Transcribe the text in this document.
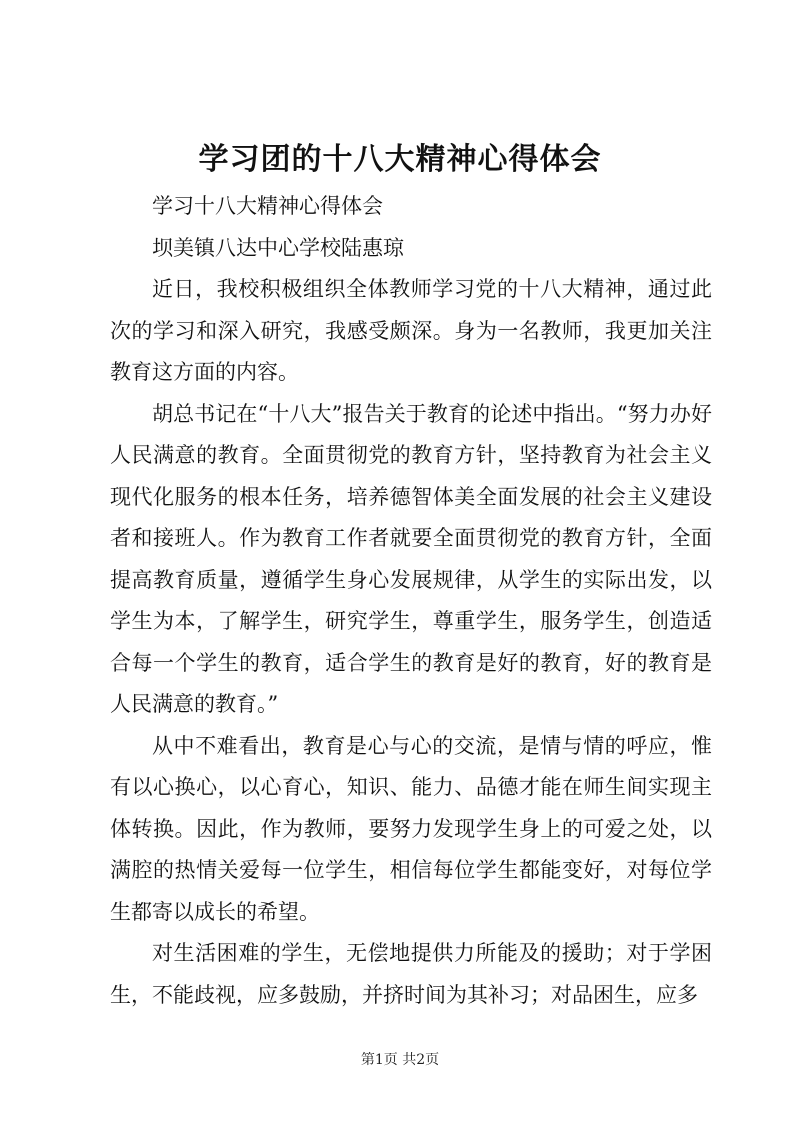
学习团的十八大精神心得体会

学习十八大精神心得体会

坝美镇八达中心学校陆惠琼

近日，我校积极组织全体教师学习党的十八大精神，通过此次的学习和深入研究，我感受颇深。身为一名教师，我更加关注教育这方面的内容。

胡总书记在“十八大”报告关于教育的论述中指出。“努力办好人民满意的教育。全面贯彻党的教育方针，坚持教育为社会主义现代化服务的根本任务，培养德智体美全面发展的社会主义建设者和接班人。作为教育工作者就要全面贯彻党的教育方针，全面提高教育质量，遵循学生身心发展规律，从学生的实际出发，以学生为本，了解学生，研究学生，尊重学生，服务学生，创造适合每一个学生的教育，适合学生的教育是好的教育，好的教育是人民满意的教育。”

从中不难看出，教育是心与心的交流，是情与情的呼应，惟有以心换心，以心育心，知识、能力、品德才能在师生间实现主体转换。因此，作为教师，要努力发现学生身上的可爱之处，以满腔的热情关爱每一位学生，相信每位学生都能变好，对每位学生都寄以成长的希望。

对生活困难的学生，无偿地提供力所能及的援助；对于学困生，不能歧视，应多鼓励，并挤时间为其补习；对品困生，应多

第1页 共2页
